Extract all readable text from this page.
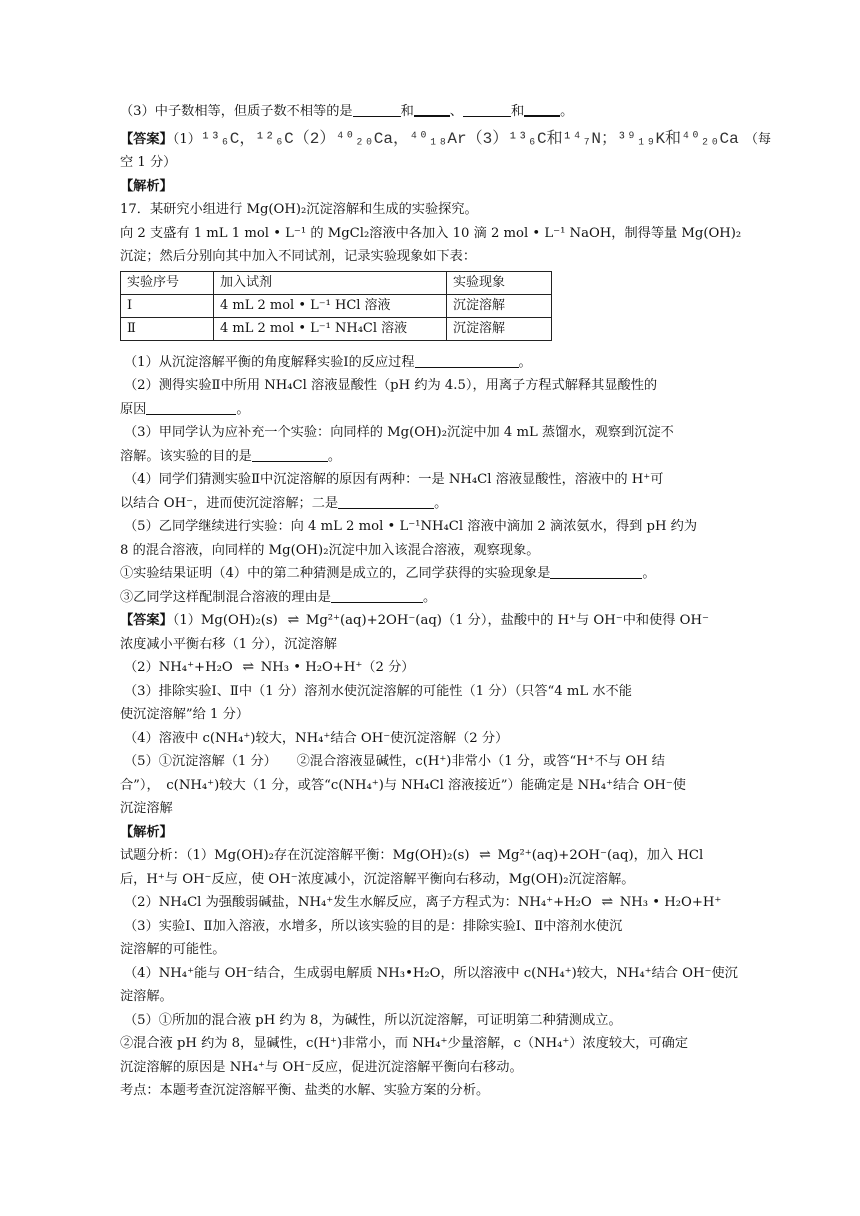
（3）中子数相等，但质子数不相等的是	和	、	和	。
【答案】（1）¹³₆C，¹²₆C（2）⁴⁰₂₀Ca，⁴⁰₁₈Ar（3）¹³₆C和¹⁴₇N；³⁹₁₉K和⁴⁰₂₀Ca （每
空 1 分）
【解析】
17．某研究小组进行 Mg(OH)₂沉淀溶解和生成的实验探究。
向 2 支盛有 1 mL 1 mol • L⁻¹ 的 MgCl₂溶液中各加入 10 滴 2 mol • L⁻¹ NaOH，制得等量 Mg(OH)₂
沉淀；然后分别向其中加入不同试剂，记录实验现象如下表：
实验序号	加入试剂	实验现象
Ⅰ	4 mL 2 mol • L⁻¹ HCl 溶液	沉淀溶解
Ⅱ	4 mL 2 mol • L⁻¹ NH₄Cl 溶液	沉淀溶解
（1）从沉淀溶解平衡的角度解释实验Ⅰ的反应过程	。
（2）测得实验Ⅱ中所用 NH₄Cl 溶液显酸性（pH 约为 4.5），用离子方程式解释其显酸性的
原因	。
（3）甲同学认为应补充一个实验：向同样的 Mg(OH)₂沉淀中加 4 mL 蒸馏水，观察到沉淀不
溶解。该实验的目的是	。
（4）同学们猜测实验Ⅱ中沉淀溶解的原因有两种：一是 NH₄Cl 溶液显酸性，溶液中的 H⁺可
以结合 OH⁻，进而使沉淀溶解；二是	。
（5）乙同学继续进行实验：向 4 mL 2 mol • L⁻¹NH₄Cl 溶液中滴加 2 滴浓氨水，得到 pH 约为
8 的混合溶液，向同样的 Mg(OH)₂沉淀中加入该混合溶液，观察现象。
①实验结果证明（4）中的第二种猜测是成立的，乙同学获得的实验现象是	。
③乙同学这样配制混合溶液的理由是	。
【答案】（1）Mg(OH)₂(s) ⇌ Mg²⁺(aq)+2OH⁻(aq)（1 分），盐酸中的 H⁺与 OH⁻中和使得 OH⁻
浓度减小平衡右移（1 分），沉淀溶解
（2）NH₄⁺+H₂O ⇌ NH₃ • H₂O+H⁺（2 分）
（3）排除实验Ⅰ、Ⅱ中（1 分）溶剂水使沉淀溶解的可能性（1 分）（只答“4 mL 水不能
使沉淀溶解”给 1 分）
（4）溶液中 c(NH₄⁺)较大，NH₄⁺结合 OH⁻使沉淀溶解（2 分）
（5）①沉淀溶解（1 分）　　②混合溶液显碱性，c(H⁺)非常小（1 分，或答“H⁺不与 OH 结
合”），　c(NH₄⁺)较大（1 分，或答“c(NH₄⁺)与 NH₄Cl 溶液接近”）能确定是 NH₄⁺结合 OH⁻使
沉淀溶解
【解析】
试题分析：（1）Mg(OH)₂存在沉淀溶解平衡：Mg(OH)₂(s) ⇌ Mg²⁺(aq)+2OH⁻(aq)，加入 HCl
后，H⁺与 OH⁻反应，使 OH⁻浓度减小，沉淀溶解平衡向右移动，Mg(OH)₂沉淀溶解。
（2）NH₄Cl 为强酸弱碱盐，NH₄⁺发生水解反应，离子方程式为：NH₄⁺+H₂O ⇌ NH₃ • H₂O+H⁺
（3）实验Ⅰ、Ⅱ加入溶液，水增多，所以该实验的目的是：排除实验Ⅰ、Ⅱ中溶剂水使沉
淀溶解的可能性。
（4）NH₄⁺能与 OH⁻结合，生成弱电解质 NH₃•H₂O，所以溶液中 c(NH₄⁺)较大，NH₄⁺结合 OH⁻使沉
淀溶解。
（5）①所加的混合液 pH 约为 8，为碱性，所以沉淀溶解，可证明第二种猜测成立。
②混合液 pH 约为 8，显碱性，c(H⁺)非常小，而 NH₄⁺少量溶解，c（NH₄⁺）浓度较大，可确定
沉淀溶解的原因是 NH₄⁺与 OH⁻反应，促进沉淀溶解平衡向右移动。
考点：本题考查沉淀溶解平衡、盐类的水解、实验方案的分析。
